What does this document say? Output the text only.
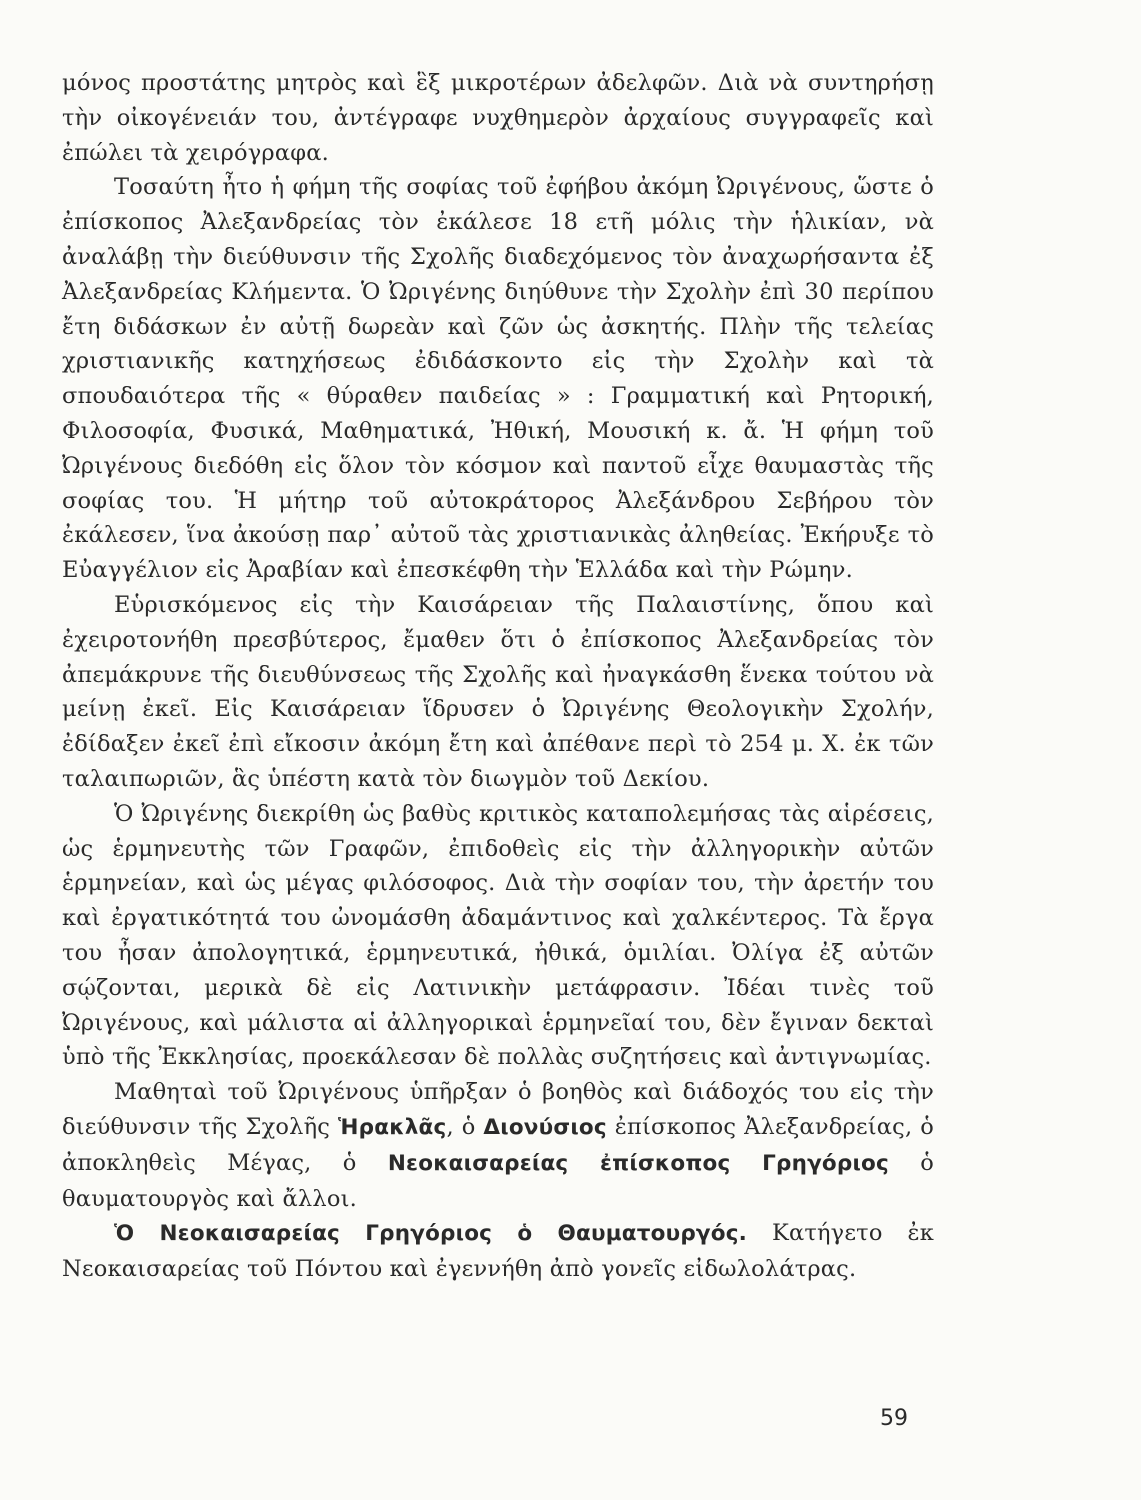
μόνος προστάτης μητρὸς καὶ ἓξ μικροτέρων ἀδελφῶν. Διὰ νὰ συντηρήσῃ τὴν οἰκογένειάν του, ἀντέγραφε νυχθημερὸν ἀρχαίους συγγραφεῖς καὶ ἐπώλει τὰ χειρόγραφα.

Τοσαύτη ἦτο ἡ φήμη τῆς σοφίας τοῦ ἐφήβου ἀκόμη Ὠριγένους, ὥστε ὁ ἐπίσκοπος Ἀλεξανδρείας τὸν ἐκάλεσε 18 ετῆ μόλις τὴν ἡλικίαν, νὰ ἀναλάβῃ τὴν διεύθυνσιν τῆς Σχολῆς διαδεχόμενος τὸν ἀναχωρήσαντα ἐξ Ἀλεξανδρείας Κλήμεντα. Ὁ Ὠριγένης διηύθυνε τὴν Σχολὴν ἐπὶ 30 περίπου ἔτη διδάσκων ἐν αὐτῇ δωρεὰν καὶ ζῶν ὡς ἀσκητής. Πλὴν τῆς τελείας χριστιανικῆς κατηχήσεως ἐδιδάσκοντο εἰς τὴν Σχολὴν καὶ τὰ σπουδαιότερα τῆς « θύραθεν παιδείας » : Γραμματική καὶ Ρητορική, Φιλοσοφία, Φυσικά, Μαθηματικά, Ἠθική, Μουσική κ. ἄ. Ἡ φήμη τοῦ Ὠριγένους διεδόθη εἰς ὅλον τὸν κόσμον καὶ παντοῦ εἶχε θαυμαστὰς τῆς σοφίας του. Ἡ μήτηρ τοῦ αὐτοκράτορος Ἀλεξάνδρου Σεβήρου τὸν ἐκάλεσεν, ἵνα ἀκούσῃ παρ᾿ αὐτοῦ τὰς χριστιανικὰς ἀληθείας. Ἐκήρυξε τὸ Εὐαγγέλιον εἰς Ἀραβίαν καὶ ἐπεσκέφθη τὴν Ἑλλάδα καὶ τὴν Ρώμην.

Εὑρισκόμενος εἰς τὴν Καισάρειαν τῆς Παλαιστίνης, ὅπου καὶ ἐχειροτονήθη πρεσβύτερος, ἔμαθεν ὅτι ὁ ἐπίσκοπος Ἀλεξανδρείας τὸν ἀπεμάκρυνε τῆς διευθύνσεως τῆς Σχολῆς καὶ ἠναγκάσθη ἕνεκα τούτου νὰ μείνῃ ἐκεῖ. Εἰς Καισάρειαν ἵδρυσεν ὁ Ὠριγένης Θεολογικὴν Σχολήν, ἐδίδαξεν ἐκεῖ ἐπὶ εἴκοσιν ἀκόμη ἔτη καὶ ἀπέθανε περὶ τὸ 254 μ. Χ. ἐκ τῶν ταλαιπωριῶν, ἃς ὑπέστη κατὰ τὸν διωγμὸν τοῦ Δεκίου.

Ὁ Ὠριγένης διεκρίθη ὡς βαθὺς κριτικὸς καταπολεμήσας τὰς αἱρέσεις, ὡς ἑρμηνευτὴς τῶν Γραφῶν, ἐπιδοθεὶς εἰς τὴν ἀλληγορικὴν αὐτῶν ἑρμηνείαν, καὶ ὡς μέγας φιλόσοφος. Διὰ τὴν σοφίαν του, τὴν ἀρετήν του καὶ ἐργατικότητά του ὠνομάσθη ἀδαμάντινος καὶ χαλκέντερος. Τὰ ἔργα του ἦσαν ἀπολογητικά, ἑρμηνευτικά, ἠθικά, ὁμιλίαι. Ὀλίγα ἐξ αὐτῶν σῴζονται, μερικὰ δὲ εἰς Λατινικὴν μετάφρασιν. Ἰδέαι τινὲς τοῦ Ὠριγένους, καὶ μάλιστα αἱ ἀλληγορικαὶ ἑρμηνεῖαί του, δὲν ἔγιναν δεκταὶ ὑπὸ τῆς Ἐκκλησίας, προεκάλεσαν δὲ πολλὰς συζητήσεις καὶ ἀντιγνωμίας.

Μαθηταὶ τοῦ Ὠριγένους ὑπῆρξαν ὁ βοηθὸς καὶ διάδοχός του εἰς τὴν διεύθυνσιν τῆς Σχολῆς Ἡρακλᾶς, ὁ Διονύσιος ἐπίσκοπος Ἀλεξανδρείας, ὁ ἀποκληθεὶς Μέγας, ὁ Νεοκαισαρείας ἐπίσκοπος Γρηγόριος ὁ θαυματουργὸς καὶ ἄλλοι.

Ὁ Νεοκαισαρείας Γρηγόριος ὁ Θαυματουργός. Κατήγετο ἐκ Νεοκαισαρείας τοῦ Πόντου καὶ ἐγεννήθη ἀπὸ γονεῖς εἰδωλολάτρας.

59
